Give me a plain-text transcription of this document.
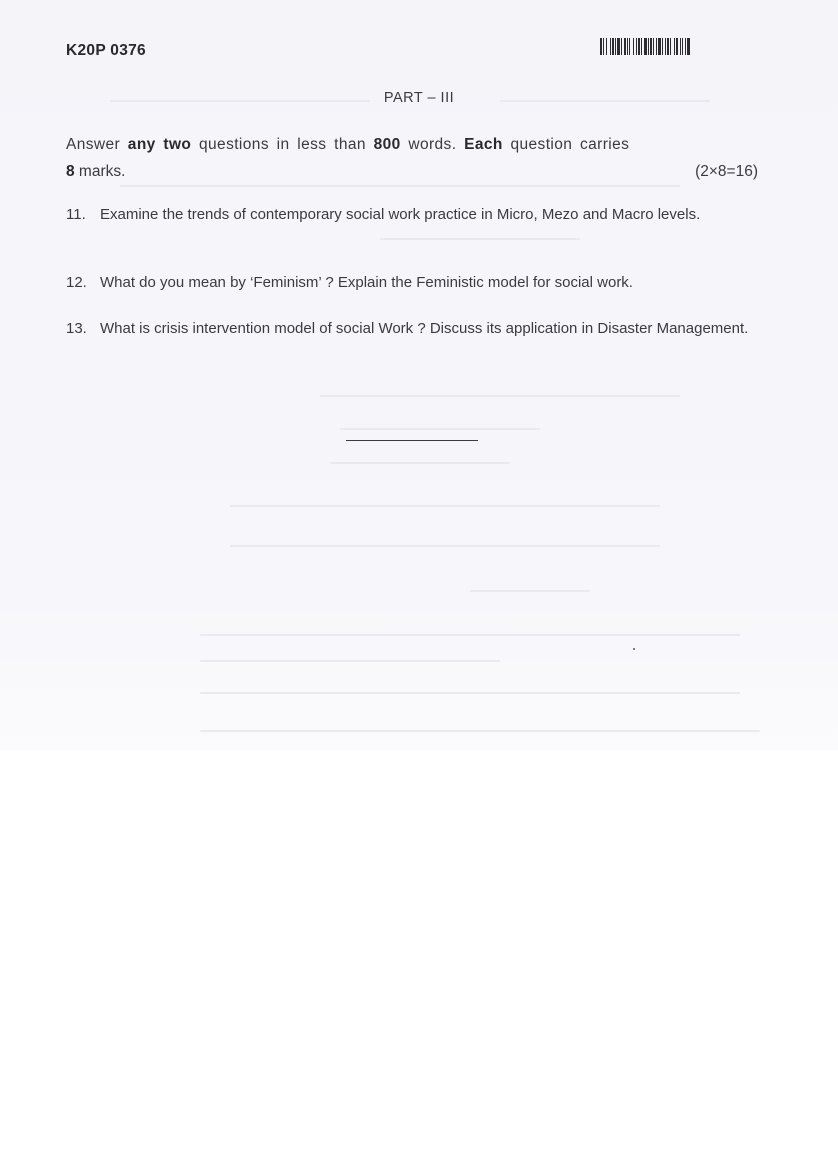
K20P 0376
PART – III
Answer any two questions in less than 800 words. Each question carries
8 marks.	(2×8=16)
11. Examine the trends of contemporary social work practice in Micro, Mezo and Macro levels.
12. What do you mean by ‘Feminism’ ? Explain the Feministic model for social work.
13. What is crisis intervention model of social Work ? Discuss its application in Disaster Management.
